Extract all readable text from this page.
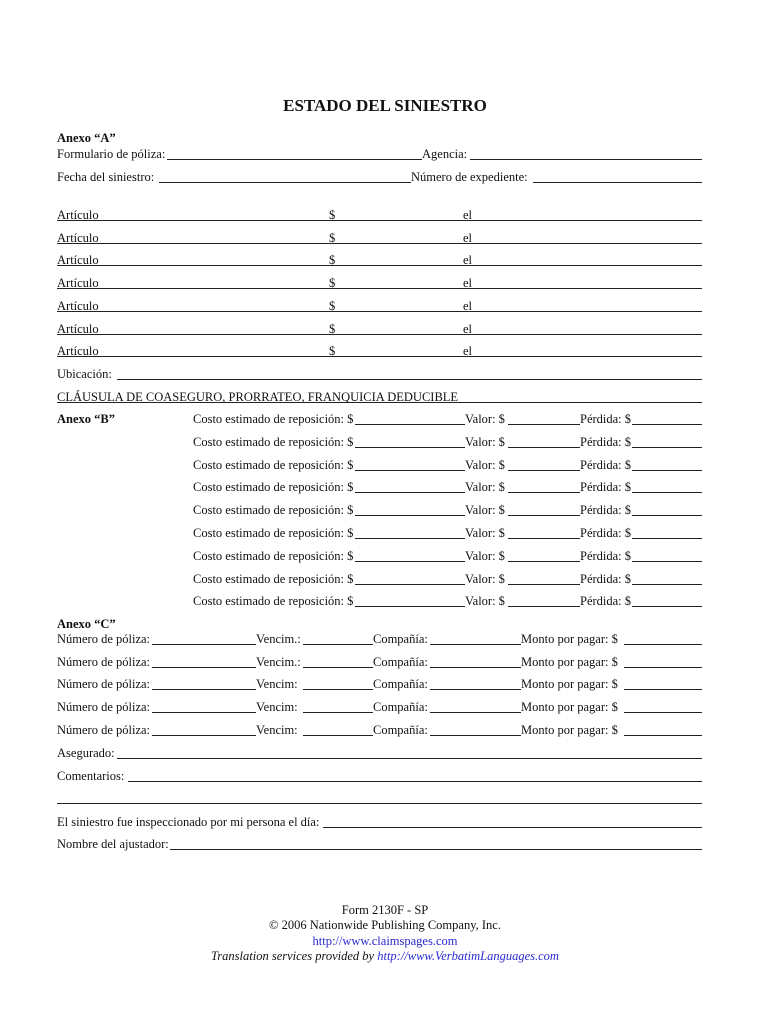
ESTADO DEL SINIESTRO
Anexo “A”
Formulario de póliza:	Agencia:
Fecha del siniestro:	Número de expediente:
Artículo	$	el
Artículo	$	el
Artículo	$	el
Artículo	$	el
Artículo	$	el
Artículo	$	el
Artículo	$	el
Ubicación:
CLÁUSULA DE COASEGURO, PRORRATEO, FRANQUICIA DEDUCIBLE
Anexo “B”	Costo estimado de reposición: $	Valor: $	Pérdida: $
Costo estimado de reposición: $	Valor: $	Pérdida: $
Costo estimado de reposición: $	Valor: $	Pérdida: $
Costo estimado de reposición: $	Valor: $	Pérdida: $
Costo estimado de reposición: $	Valor: $	Pérdida: $
Costo estimado de reposición: $	Valor: $	Pérdida: $
Costo estimado de reposición: $	Valor: $	Pérdida: $
Costo estimado de reposición: $	Valor: $	Pérdida: $
Costo estimado de reposición: $	Valor: $	Pérdida: $
Anexo “C”
Número de póliza:	Vencim.:	Compañía:	Monto por pagar: $
Número de póliza:	Vencim.:	Compañía:	Monto por pagar: $
Número de póliza:	Vencim:	Compañía:	Monto por pagar: $
Número de póliza:	Vencim:	Compañía:	Monto por pagar: $
Número de póliza:	Vencim:	Compañía:	Monto por pagar: $
Asegurado:
Comentarios:
El siniestro fue inspeccionado por mi persona el día:
Nombre del ajustador:
Form 2130F - SP
© 2006 Nationwide Publishing Company, Inc.
http://www.claimspages.com
Translation services provided by http://www.VerbatimLanguages.com
